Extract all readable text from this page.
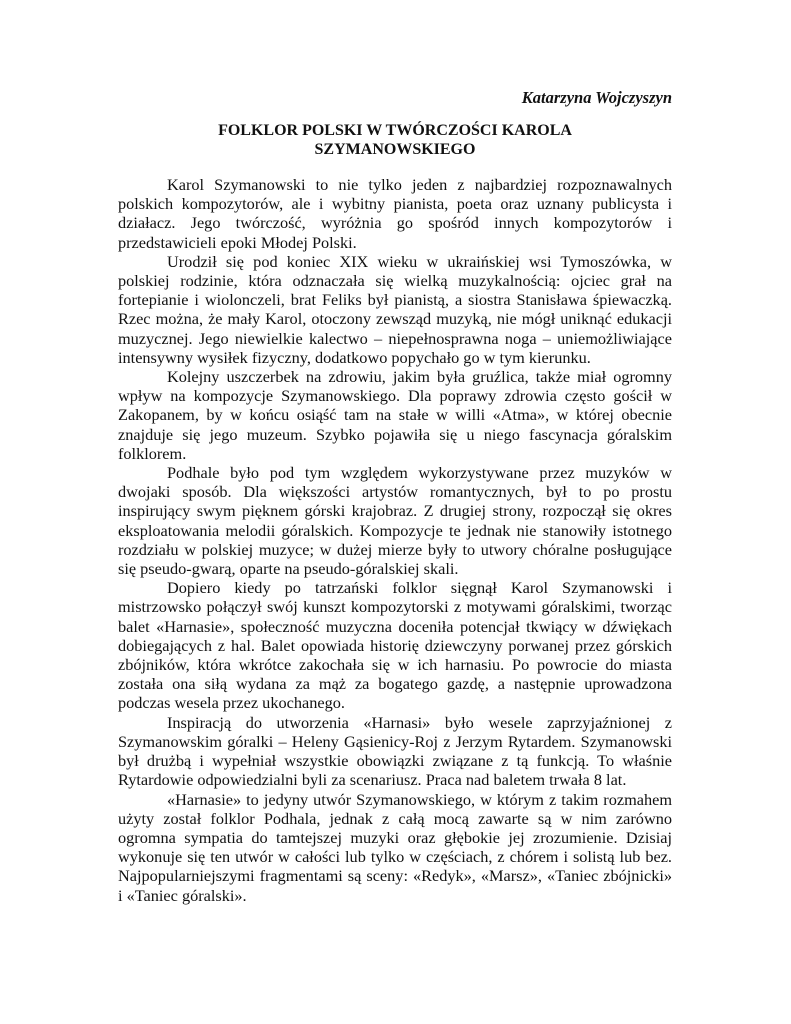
Katarzyna Wojczyszyn
FOLKLOR POLSKI W TWÓRCZOŚCI KAROLA
SZYMANOWSKIEGO

Karol Szymanowski to nie tylko jeden z najbardziej rozpoznawalnych polskich kompozytorów, ale i wybitny pianista, poeta oraz uznany publicysta i działacz. Jego twórczość, wyróżnia go spośród innych kompozytorów i przedstawicieli epoki Młodej Polski.

Urodził się pod koniec XIX wieku w ukraińskiej wsi Tymoszówka, w polskiej rodzinie, która odznaczała się wielką muzykalnością: ojciec grał na fortepianie i wiolonczeli, brat Feliks był pianistą, a siostra Stanisława śpiewaczką. Rzec można, że mały Karol, otoczony zewsząd muzyką, nie mógł uniknąć edukacji muzycznej. Jego niewielkie kalectwo – niepełnosprawna noga – uniemożliwiające intensywny wysiłek fizyczny, dodatkowo popychało go w tym kierunku.

Kolejny uszczerbek na zdrowiu, jakim była gruźlica, także miał ogromny wpływ na kompozycje Szymanowskiego. Dla poprawy zdrowia często gościł w Zakopanem, by w końcu osiąść tam na stałe w willi «Atma», w której obecnie znajduje się jego muzeum. Szybko pojawiła się u niego fascynacja góralskim folklorem.

Podhale było pod tym względem wykorzystywane przez muzyków w dwojaki sposób. Dla większości artystów romantycznych, był to po prostu inspirujący swym pięknem górski krajobraz. Z drugiej strony, rozpoczął się okres eksploatowania melodii góralskich. Kompozycje te jednak nie stanowiły istotnego rozdziału w polskiej muzyce; w dużej mierze były to utwory chóralne posługujące się pseudo-gwarą, oparte na pseudo-góralskiej skali.

Dopiero kiedy po tatrzański folklor sięgnął Karol Szymanowski i mistrzowsko połączył swój kunszt kompozytorski z motywami góralskimi, tworząc balet «Harnasie», społeczność muzyczna doceniła potencjał tkwiący w dźwiękach dobiegających z hal. Balet opowiada historię dziewczyny porwanej przez górskich zbójników, która wkrótce zakochała się w ich harnasiu. Po powrocie do miasta została ona siłą wydana za mąż za bogatego gazdę, a następnie uprowadzona podczas wesela przez ukochanego.

Inspiracją do utworzenia «Harnasi» było wesele zaprzyjaźnionej z Szymanowskim góralki – Heleny Gąsienicy-Roj z Jerzym Rytardem. Szymanowski był drużbą i wypełniał wszystkie obowiązki związane z tą funkcją. To właśnie Rytardowie odpowiedzialni byli za scenariusz. Praca nad baletem trwała 8 lat.

«Harnasie» to jedyny utwór Szymanowskiego, w którym z takim rozmahem użyty został folklor Podhala, jednak z całą mocą zawarte są w nim zarówno ogromna sympatia do tamtejszej muzyki oraz głębokie jej zrozumienie. Dzisiaj wykonuje się ten utwór w całości lub tylko w częściach, z chórem i solistą lub bez. Najpopularniejszymi fragmentami są sceny: «Redyk», «Marsz», «Taniec zbójnicki» i «Taniec góralski».
